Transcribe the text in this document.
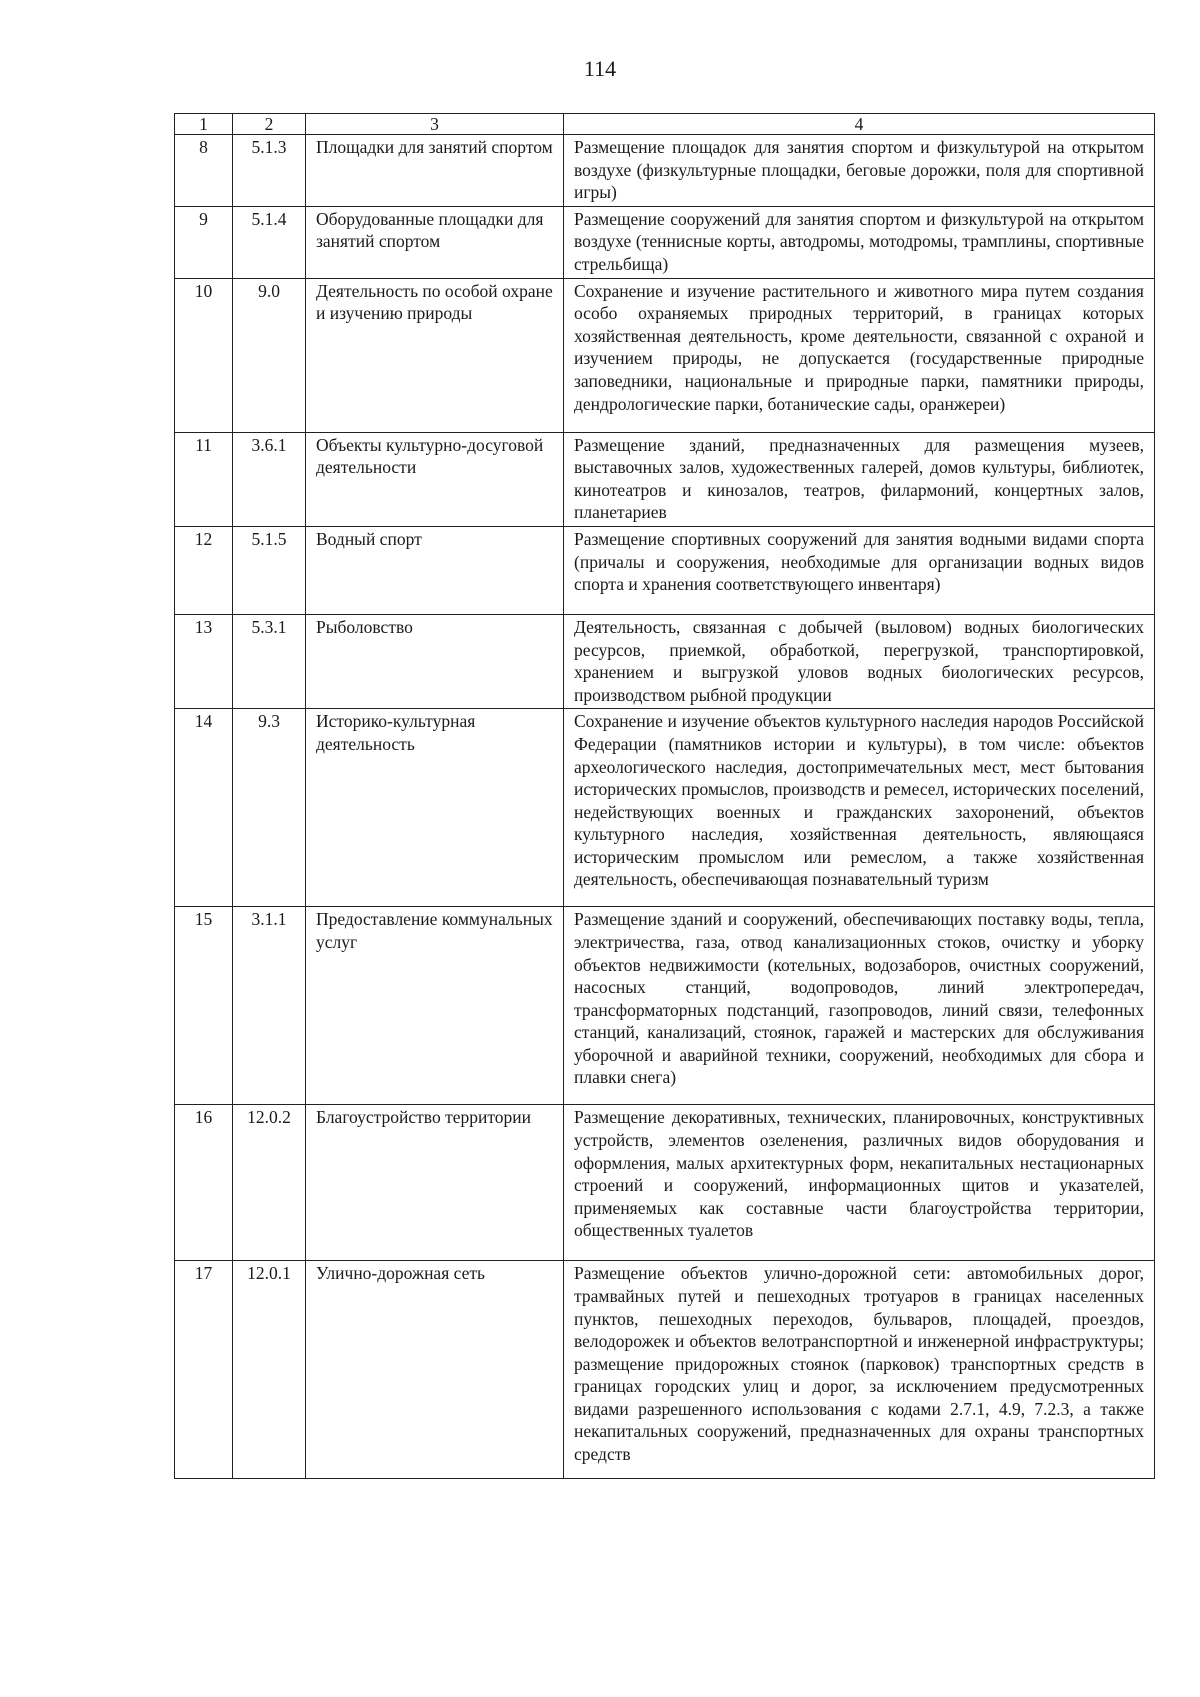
114
1	2	3	4
8	5.1.3	Площадки для занятий спортом	Размещение площадок для занятия спортом и физкультурой на открытом воздухе (физкультурные площадки, беговые дорожки, поля для спортивной игры)
9	5.1.4	Оборудованные площадки для занятий спортом	Размещение сооружений для занятия спортом и физкультурой на открытом воздухе (теннисные корты, автодромы, мотодромы, трамплины, спортивные стрельбища)
10	9.0	Деятельность по особой охране и изучению природы	Сохранение и изучение растительного и животного мира путем создания особо охраняемых природных территорий, в границах которых хозяйственная деятельность, кроме деятельности, связанной с охраной и изучением природы, не допускается (государственные природные заповедники, национальные и природные парки, памятники природы, дендрологические парки, ботанические сады, оранжереи)
11	3.6.1	Объекты культурно-досуговой деятельности	Размещение зданий, предназначенных для размещения музеев, выставочных залов, художественных галерей, домов культуры, библиотек, кинотеатров и кинозалов, театров, филармоний, концертных залов, планетариев
12	5.1.5	Водный спорт	Размещение спортивных сооружений для занятия водными видами спорта (причалы и сооружения, необходимые для организации водных видов спорта и хранения соответствующего инвентаря)
13	5.3.1	Рыболовство	Деятельность, связанная с добычей (выловом) водных биологических ресурсов, приемкой, обработкой, перегрузкой, транспортировкой, хранением и выгрузкой уловов водных биологических ресурсов, производством рыбной продукции
14	9.3	Историко-культурная деятельность	Сохранение и изучение объектов культурного наследия народов Российской Федерации (памятников истории и культуры), в том числе: объектов археологического наследия, достопримечательных мест, мест бытования исторических промыслов, производств и ремесел, исторических поселений, недействующих военных и гражданских захоронений, объектов культурного наследия, хозяйственная деятельность, являющаяся историческим промыслом или ремеслом, а также хозяйственная деятельность, обеспечивающая познавательный туризм
15	3.1.1	Предоставление коммунальных услуг	Размещение зданий и сооружений, обеспечивающих поставку воды, тепла, электричества, газа, отвод канализационных стоков, очистку и уборку объектов недвижимости (котельных, водозаборов, очистных сооружений, насосных станций, водопроводов, линий электропередач, трансформаторных подстанций, газопроводов, линий связи, телефонных станций, канализаций, стоянок, гаражей и мастерских для обслуживания уборочной и аварийной техники, сооружений, необходимых для сбора и плавки снега)
16	12.0.2	Благоустройство территории	Размещение декоративных, технических, планировочных, конструктивных устройств, элементов озеленения, различных видов оборудования и оформления, малых архитектурных форм, некапитальных нестационарных строений и сооружений, информационных щитов и указателей, применяемых как составные части благоустройства территории, общественных туалетов
17	12.0.1	Улично-дорожная сеть	Размещение объектов улично-дорожной сети: автомобильных дорог, трамвайных путей и пешеходных тротуаров в границах населенных пунктов, пешеходных переходов, бульваров, площадей, проездов, велодорожек и объектов велотранспортной и инженерной инфраструктуры; размещение придорожных стоянок (парковок) транспортных средств в границах городских улиц и дорог, за исключением предусмотренных видами разрешенного использования с кодами 2.7.1, 4.9, 7.2.3, а также некапитальных сооружений, предназначенных для охраны транспортных средств
